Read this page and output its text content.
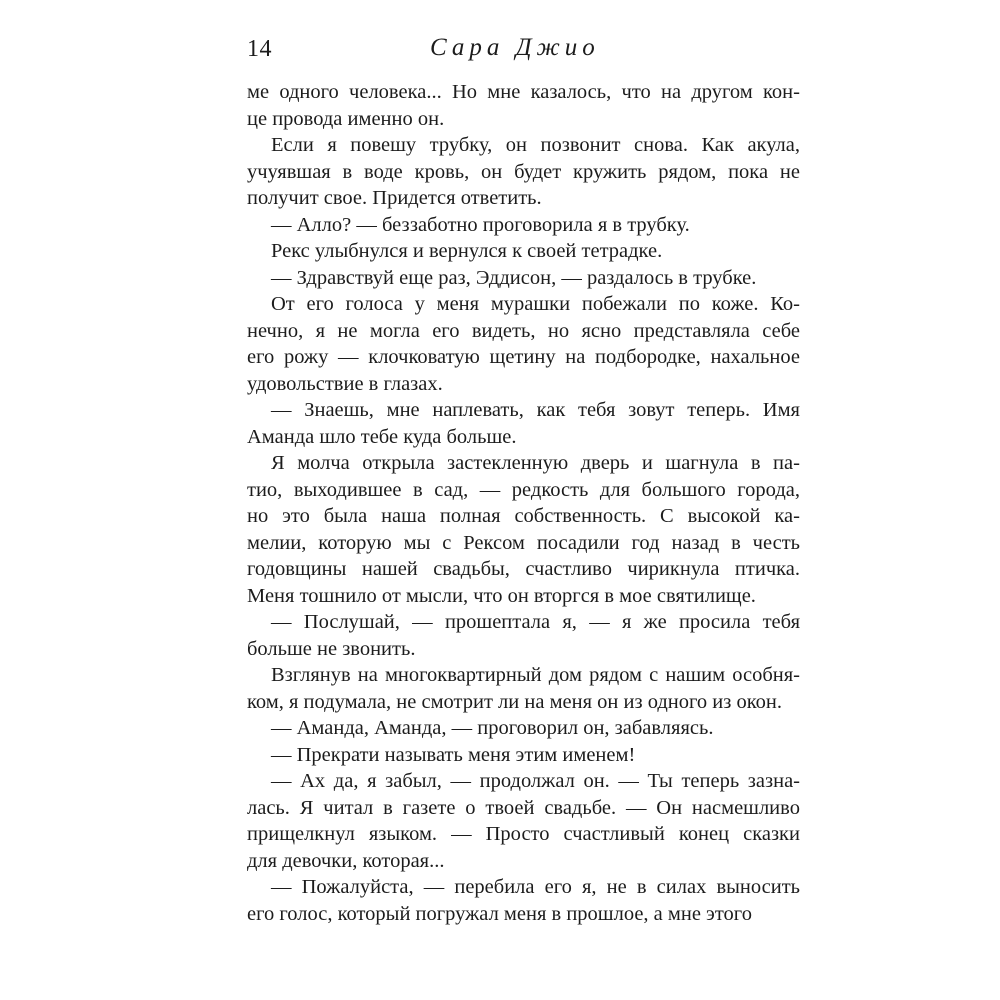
14	Сара Джио
ме одного человека... Но мне казалось, что на другом кон-
це провода именно он.
Если я повешу трубку, он позвонит снова. Как акула,
учуявшая в воде кровь, он будет кружить рядом, пока не
получит свое. Придется ответить.
— Алло? — беззаботно проговорила я в трубку.
Рекс улыбнулся и вернулся к своей тетрадке.
— Здравствуй еще раз, Эддисон, — раздалось в трубке.
От его голоса у меня мурашки побежали по коже. Ко-
нечно, я не могла его видеть, но ясно представляла себе
его рожу — клочковатую щетину на подбородке, нахальное
удовольствие в глазах.
— Знаешь, мне наплевать, как тебя зовут теперь. Имя
Аманда шло тебе куда больше.
Я молча открыла застекленную дверь и шагнула в па-
тио, выходившее в сад, — редкость для большого города,
но это была наша полная собственность. С высокой ка-
мелии, которую мы с Рексом посадили год назад в честь
годовщины нашей свадьбы, счастливо чирикнула птичка.
Меня тошнило от мысли, что он вторгся в мое святилище.
— Послушай, — прошептала я, — я же просила тебя
больше не звонить.
Взглянув на многоквартирный дом рядом с нашим особня-
ком, я подумала, не смотрит ли на меня он из одного из окон.
— Аманда, Аманда, — проговорил он, забавляясь.
— Прекрати называть меня этим именем!
— Ах да, я забыл, — продолжал он. — Ты теперь зазна-
лась. Я читал в газете о твоей свадьбе. — Он насмешливо
прищелкнул языком. — Просто счастливый конец сказки
для девочки, которая...
— Пожалуйста, — перебила его я, не в силах выносить
его голос, который погружал меня в прошлое, а мне этого
